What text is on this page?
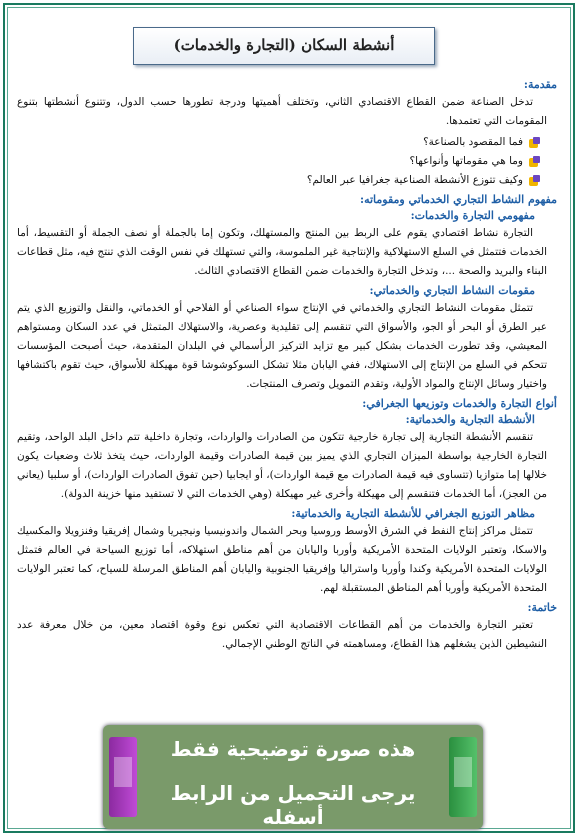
أنشطة السكان (التجارة والخدمات)
مقدمة:
تدخل الصناعة ضمن القطاع الاقتصادي الثاني، وتختلف أهميتها ودرجة تطورها حسب الدول، وتتنوع أنشطتها بتنوع المقومات التي تعتمدها.
فما المقصود بالصناعة؟
وما هي مقوماتها وأنواعها؟
وكيف تتوزع الأنشطة الصناعية جغرافيا عبر العالم؟
مفهوم النشاط التجاري الخدماتي ومقوماته:
مفهومي التجارة والخدمات:
التجارة نشاط اقتصادي يقوم على الربط بين المنتج والمستهلك، وتكون إما بالجملة أو نصف الجملة أو التقسيط، أما الخدمات فتتمثل في السلع الاستهلاكية والإنتاجية غير الملموسة، والتي تستهلك في نفس الوقت الذي تنتج فيه، مثل قطاعات البناء والبريد والصحة ...، وتدخل التجارة والخدمات ضمن القطاع الاقتصادي الثالث.
مقومات النشاط التجاري والخدماتي:
تتمثل مقومات النشاط التجاري والخدماتي في الإنتاج سواء الصناعي أو الفلاحي أو الخدماتي، والنقل والتوزيع الذي يتم عبر الطرق أو البحر أو الجو، والأسواق التي تنقسم إلى تقليدية وعصرية، والاستهلاك المتمثل في عدد السكان ومستواهم المعيشي، وقد تطورت الخدمات بشكل كبير مع تزايد التركيز الرأسمالي في البلدان المتقدمة، حيث أصبحت المؤسسات تتحكم في السلع من الإنتاج إلى الاستهلاك، ففي اليابان مثلا تشكل السوكوشوشا قوة مهيكلة للأسواق، حيث تقوم باكتشافها واختيار وسائل الإنتاج والمواد الأولية، وتقدم التمويل وتصرف المنتجات.
أنواع التجارة والخدمات وتوزيعها الجغرافي:
الأنشطة التجارية والخدماتية:
تنقسم الأنشطة التجارية إلى تجارة خارجية تتكون من الصادرات والواردات، وتجارة داخلية تتم داخل البلد الواحد، وتقيم التجارة الخارجية بواسطة الميزان التجاري الذي يميز بين قيمة الصادرات وقيمة الواردات، حيث يتخذ ثلاث وضعيات يكون خلالها إما متوازيا (تتساوى فيه قيمة الصادرات مع قيمة الواردات)، أو ايجابيا (حين تفوق الصادرات الواردات)، أو سلبيا (يعاني من العجز)، أما الخدمات فتنقسم إلى مهيكلة وأخرى غير مهيكلة (وهي الخدمات التي لا تستفيد منها خزينة الدولة).
مظاهر التوزيع الجغرافي للأنشطة التجارية والخدماتية:
تتمثل مراكز إنتاج النفط في الشرق الأوسط وروسيا وبحر الشمال واندونيسيا ونيجيريا وشمال إفريقيا وفنزويلا والمكسيك والاسكا، وتعتبر الولايات المتحدة الأمريكية وأوربا واليابان من أهم مناطق استهلاكه، أما توزيع السياحة في العالم فتمثل الولايات المتحدة الأمريكية وكندا وأوربا واستراليا وإفريقيا الجنوبية واليابان أهم المناطق المرسلة للسياح، كما تعتبر الولايات المتحدة الأمريكية وأوربا أهم المناطق المستقبلة لهم.
خاتمة:
تعتبر التجارة والخدمات من أهم القطاعات الاقتصادية التي تعكس نوع وقوة اقتصاد معين، من خلال معرفة عدد النشيطين الذين يشغلهم هذا القطاع، ومساهمته في الناتج الوطني الإجمالي.
هذه صورة توضيحية فقط
يرجى التحميل من الرابط أسفله
